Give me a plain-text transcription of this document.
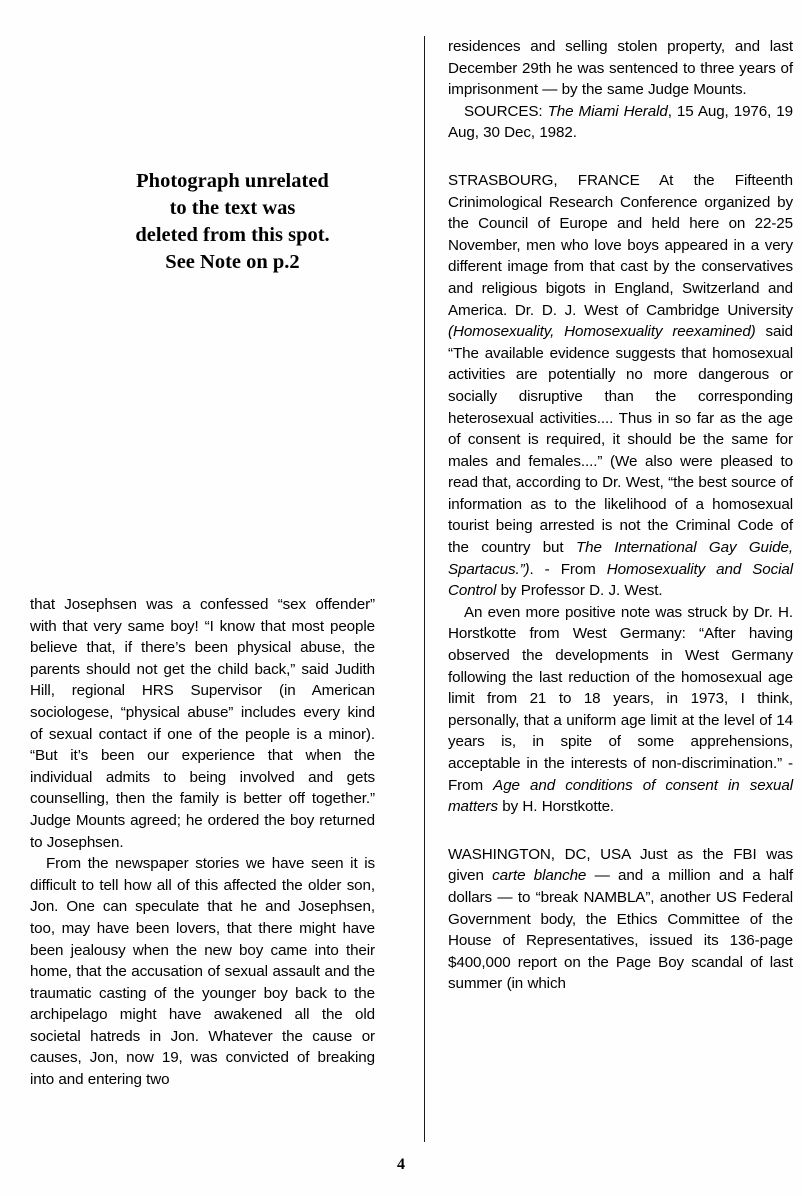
Photograph unrelated
to the text was
deleted from this spot.
See Note on p.2

that Josephsen was a confessed “sex offender” with that very same boy! “I know that most people believe that, if there’s been physical abuse, the parents should not get the child back,” said Judith Hill, regional HRS Supervisor (in American sociologese, “physical abuse” includes every kind of sexual contact if one of the people is a minor). “But it’s been our experience that when the individual admits to being involved and gets counselling, then the family is better off together.” Judge Mounts agreed; he ordered the boy returned to Josephsen.

From the newspaper stories we have seen it is difficult to tell how all of this affected the older son, Jon. One can speculate that he and Josephsen, too, may have been lovers, that there might have been jealousy when the new boy came into their home, that the accusation of sexual assault and the traumatic casting of the younger boy back to the archipelago might have awakened all the old societal hatreds in Jon. Whatever the cause or causes, Jon, now 19, was convicted of breaking into and entering two

residences and selling stolen property, and last December 29th he was sentenced to three years of imprisonment — by the same Judge Mounts.

SOURCES: The Miami Herald, 15 Aug, 1976, 19 Aug, 30 Dec, 1982.

STRASBOURG, FRANCE At the Fifteenth Crinimological Research Conference organized by the Council of Europe and held here on 22-25 November, men who love boys appeared in a very different image from that cast by the conservatives and religious bigots in England, Switzerland and America. Dr. D. J. West of Cambridge University (Homosexuality, Homosexuality reexamined) said “The available evidence suggests that homosexual activities are potentially no more dangerous or socially disruptive than the corresponding heterosexual activities.... Thus in so far as the age of consent is required, it should be the same for males and females....” (We also were pleased to read that, according to Dr. West, “the best source of information as to the likelihood of a homosexual tourist being arrested is not the Criminal Code of the country but The International Gay Guide, Spartacus.”). - From Homosexuality and Social Control by Professor D. J. West.

An even more positive note was struck by Dr. H. Horstkotte from West Germany: “After having observed the developments in West Germany following the last reduction of the homosexual age limit from 21 to 18 years, in 1973, I think, personally, that a uniform age limit at the level of 14 years is, in spite of some apprehensions, acceptable in the interests of non-discrimination.” - From Age and conditions of consent in sexual matters by H. Horstkotte.

WASHINGTON, DC, USA Just as the FBI was given carte blanche — and a million and a half dollars — to “break NAMBLA”, another US Federal Government body, the Ethics Committee of the House of Representatives, issued its 136-page $400,000 report on the Page Boy scandal of last summer (in which

4
